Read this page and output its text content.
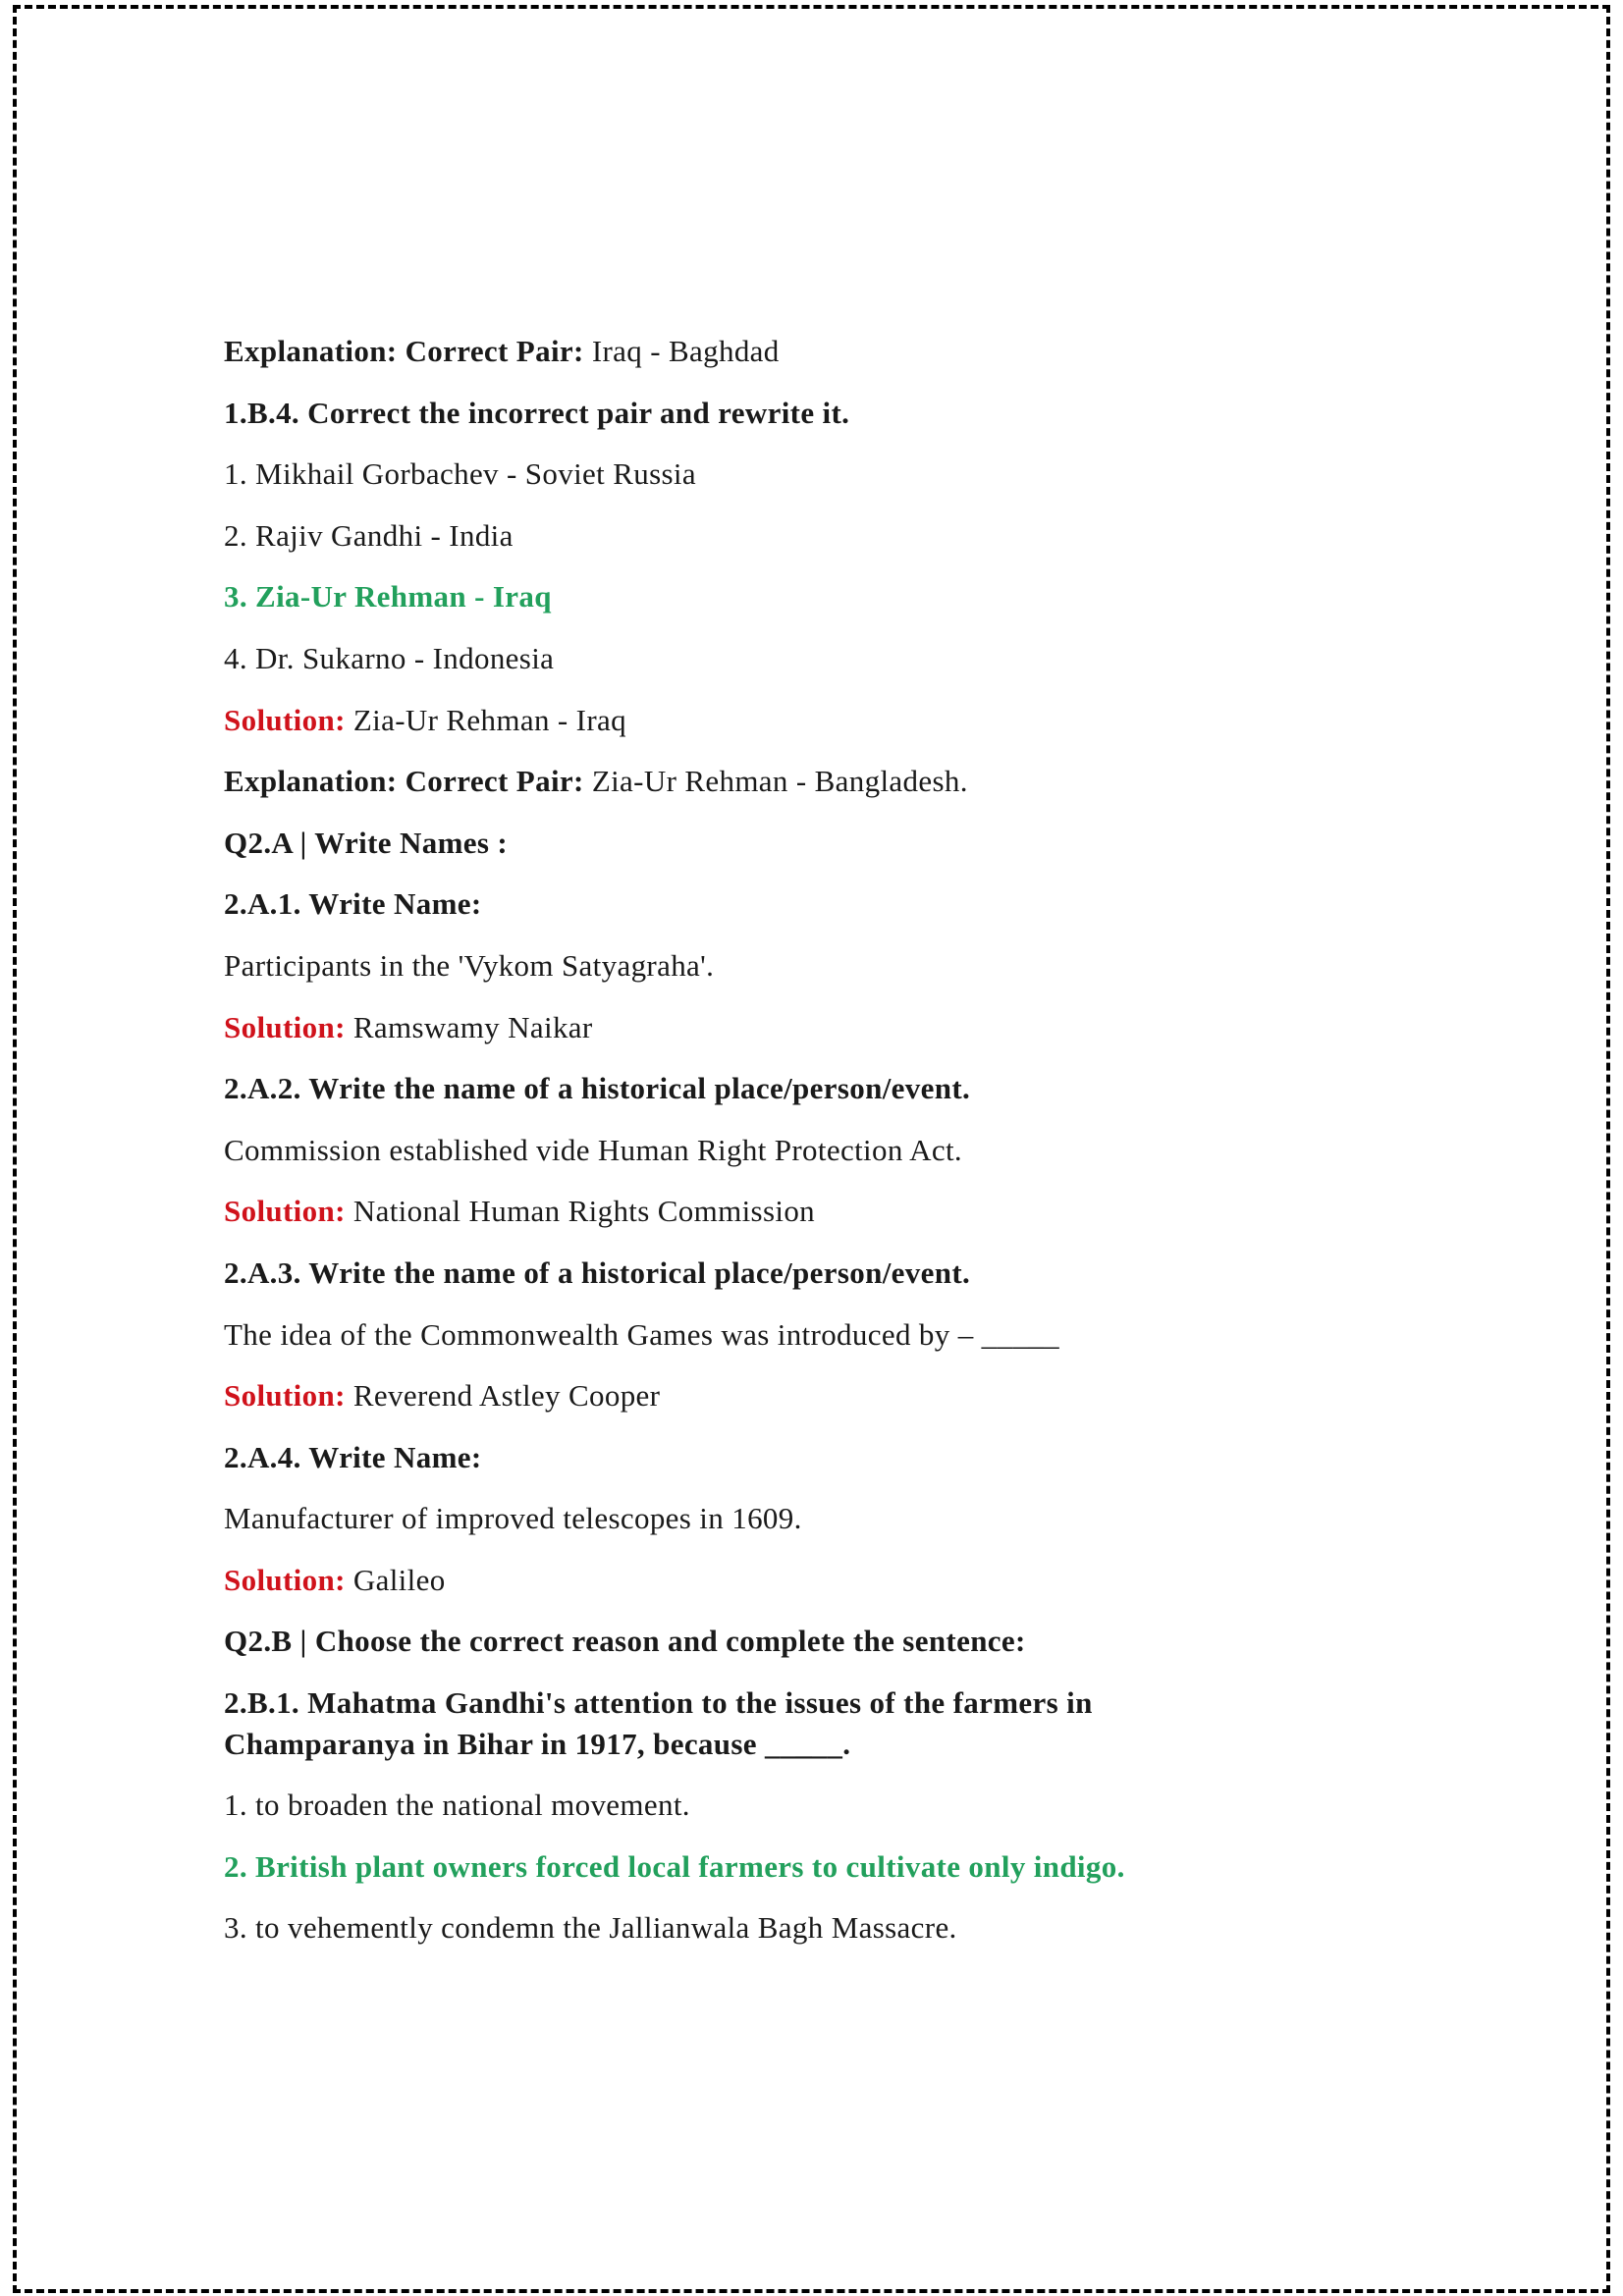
Explanation: Correct Pair: Iraq - Baghdad

1.B.4. Correct the incorrect pair and rewrite it.

1. Mikhail Gorbachev - Soviet Russia

2. Rajiv Gandhi - India

3. Zia-Ur Rehman - Iraq

4. Dr. Sukarno - Indonesia

Solution: Zia-Ur Rehman - Iraq

Explanation: Correct Pair: Zia-Ur Rehman - Bangladesh.

Q2.A | Write Names :

2.A.1. Write Name:

Participants in the 'Vykom Satyagraha'.

Solution: Ramswamy Naikar

2.A.2. Write the name of a historical place/person/event.

Commission established vide Human Right Protection Act.

Solution: National Human Rights Commission

2.A.3. Write the name of a historical place/person/event.

The idea of the Commonwealth Games was introduced by – _____

Solution: Reverend Astley Cooper

2.A.4. Write Name:

Manufacturer of improved telescopes in 1609.

Solution: Galileo

Q2.B | Choose the correct reason and complete the sentence:

2.B.1. Mahatma Gandhi's attention to the issues of the farmers in Champaranya in Bihar in 1917, because _____.

1. to broaden the national movement.

2. British plant owners forced local farmers to cultivate only indigo.

3. to vehemently condemn the Jallianwala Bagh Massacre.
